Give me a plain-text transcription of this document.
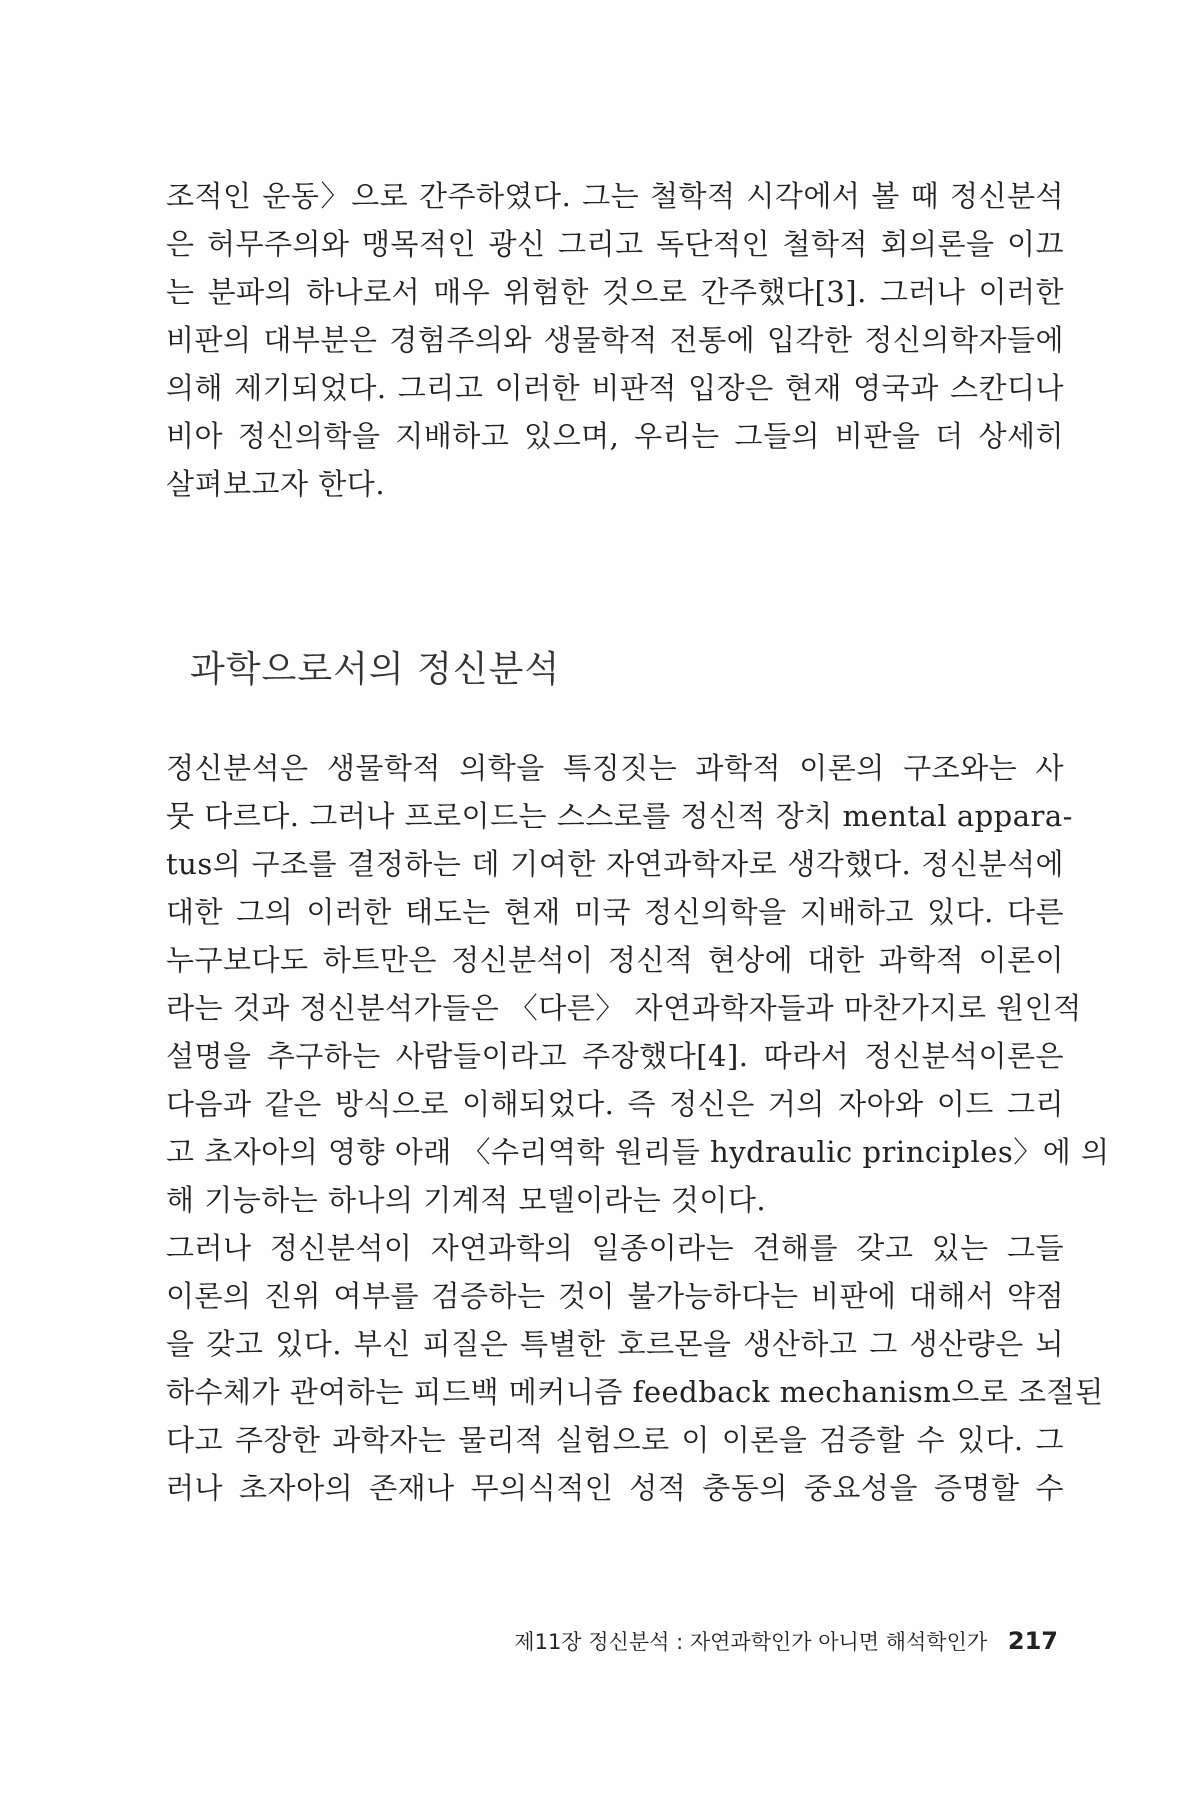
조적인 운동〉으로 간주하였다. 그는 철학적 시각에서 볼 때 정신분석
은 허무주의와 맹목적인 광신 그리고 독단적인 철학적 회의론을 이끄
는 분파의 하나로서 매우 위험한 것으로 간주했다[3]. 그러나 이러한
비판의 대부분은 경험주의와 생물학적 전통에 입각한 정신의학자들에
의해 제기되었다. 그리고 이러한 비판적 입장은 현재 영국과 스칸디나
비아 정신의학을 지배하고 있으며, 우리는 그들의 비판을 더 상세히
살펴보고자 한다.
과학으로서의 정신분석
정신분석은 생물학적 의학을 특징짓는 과학적 이론의 구조와는 사
뭇 다르다. 그러나 프로이드는 스스로를 정신적 장치 mental appara-
tus의 구조를 결정하는 데 기여한 자연과학자로 생각했다. 정신분석에
대한 그의 이러한 태도는 현재 미국 정신의학을 지배하고 있다. 다른
누구보다도 하트만은 정신분석이 정신적 현상에 대한 과학적 이론이
라는 것과 정신분석가들은 〈다른〉 자연과학자들과 마찬가지로 원인적
설명을 추구하는 사람들이라고 주장했다[4]. 따라서 정신분석이론은
다음과 같은 방식으로 이해되었다. 즉 정신은 거의 자아와 이드 그리
고 초자아의 영향 아래 〈수리역학 원리들 hydraulic principles〉에 의
해 기능하는 하나의 기계적 모델이라는 것이다.
그러나 정신분석이 자연과학의 일종이라는 견해를 갖고 있는 그들
이론의 진위 여부를 검증하는 것이 불가능하다는 비판에 대해서 약점
을 갖고 있다. 부신 피질은 특별한 호르몬을 생산하고 그 생산량은 뇌
하수체가 관여하는 피드백 메커니즘 feedback mechanism으로 조절된
다고 주장한 과학자는 물리적 실험으로 이 이론을 검증할 수 있다. 그
러나 초자아의 존재나 무의식적인 성적 충동의 중요성을 증명할 수
제11장 정신분석 : 자연과학인가 아니면 해석학인가 217
